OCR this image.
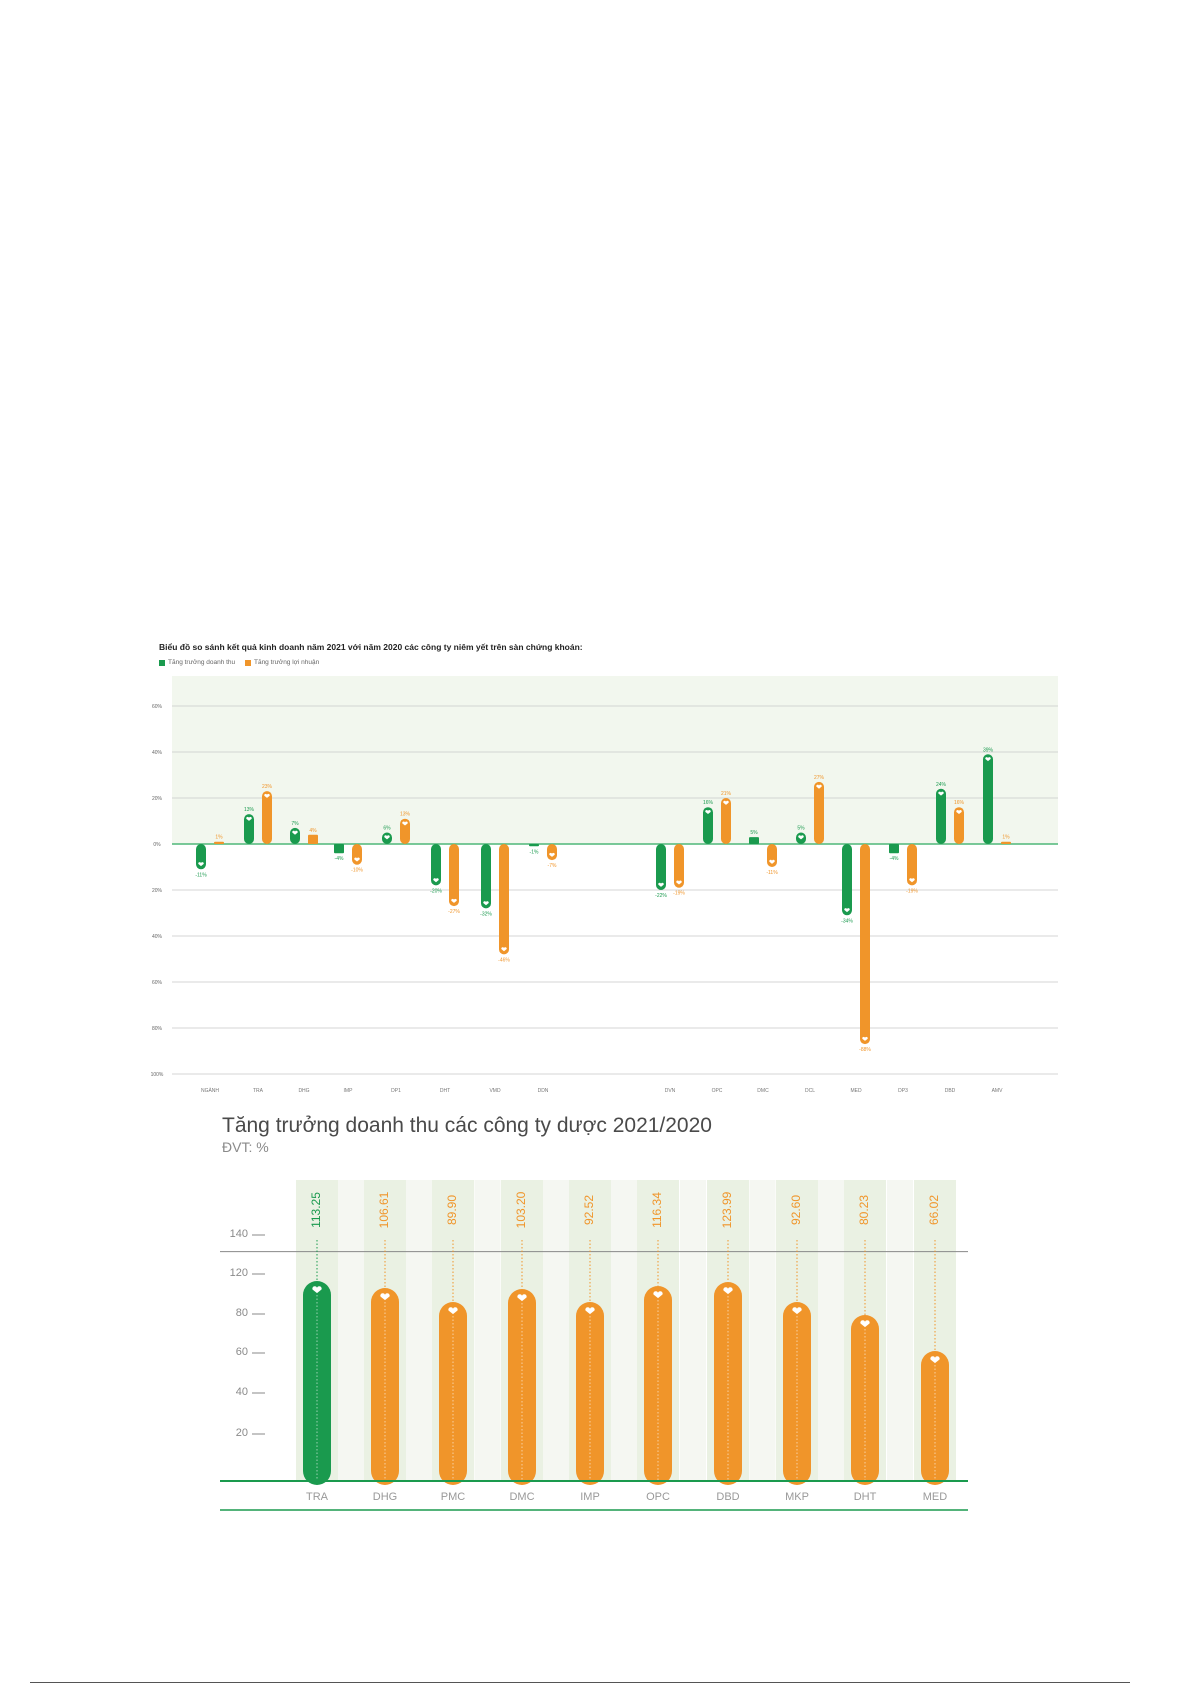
Biểu đồ so sánh kết quả kinh doanh năm 2021 với năm 2020 các công ty niêm yết trên sàn chứng khoán:
Tăng trưởng doanh thu
	Tăng trưởng lợi nhuận
60%
40%
20%
0%
20%
40%
60%
80%
100%
-11%
13%
7%
-4%
6%
-20%
-32%
-1%
-22%
16%
5%
5%
-34%
-4%
24%
39%
1%
23%
4%
-10%
13%
-27%
-46%
-7%
-19%
21%
-11%
27%
-88%
-19%
16%
1%
NGÀNH	TRA	DHG	IMP	DP1	DHT	VMD	DDN	DVN	OPC	DMC	DCL	MED	DP3	DBD	AMV
Tăng trưởng doanh thu các công ty dược 2021/2020
ĐVT: %
20
40
60
80
120
140
113.25
TRA
106.61
DHG
89.90
PMC
103.20
DMC
92.52
IMP
116.34
OPC
123.99
DBD
92.60
MKP
80.23
DHT
66.02
MED
